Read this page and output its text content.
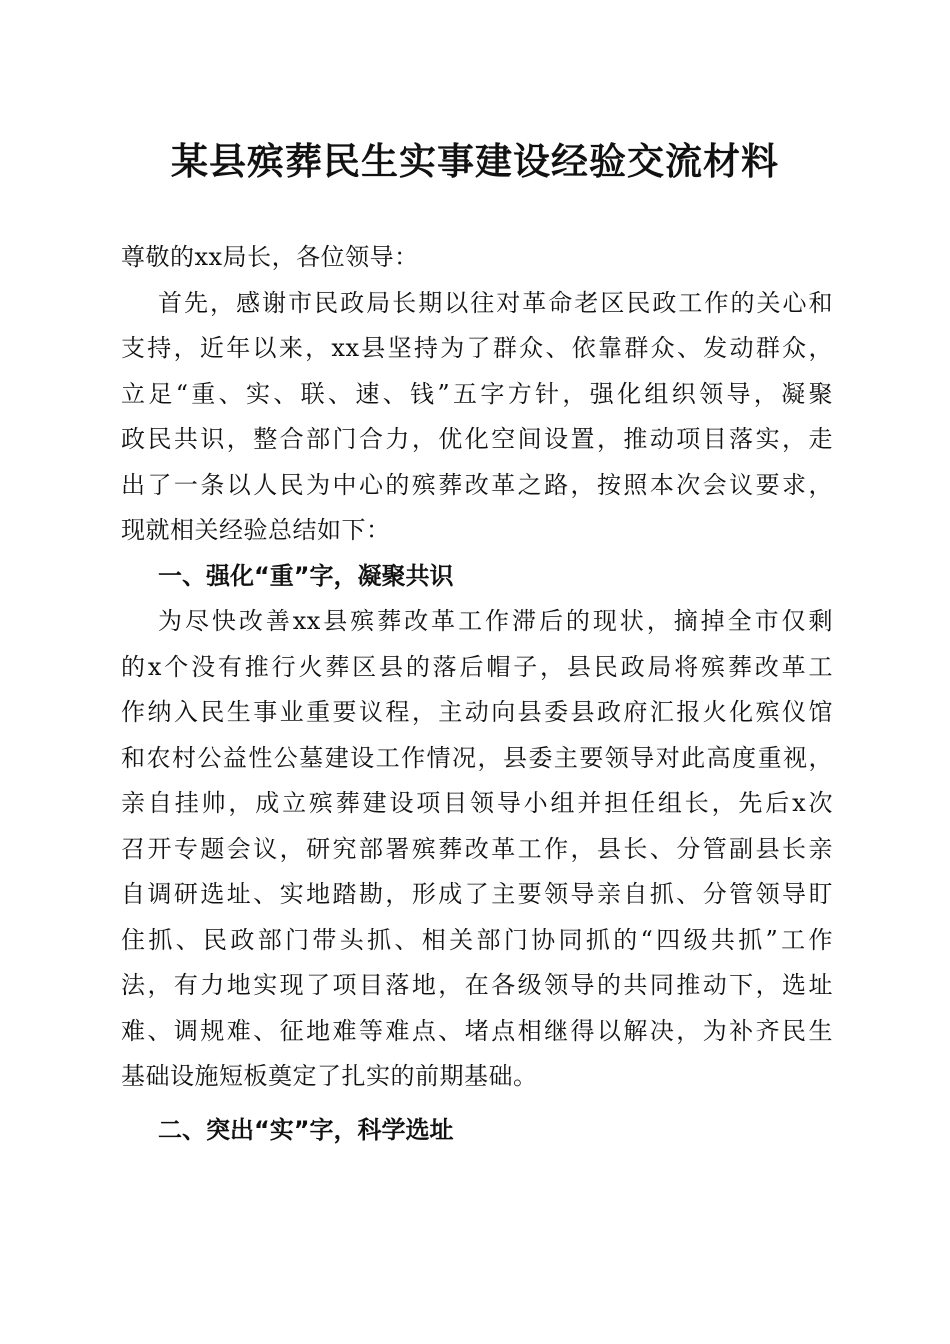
某县殡葬民生实事建设经验交流材料
尊敬的xx局长，各位领导：
首先，感谢市民政局长期以往对革命老区民政工作的关心和
支持，近年以来，xx县坚持为了群众、依靠群众、发动群众，
立足“重、实、联、速、钱”五字方针，强化组织领导，凝聚
政民共识，整合部门合力，优化空间设置，推动项目落实，走
出了一条以人民为中心的殡葬改革之路，按照本次会议要求，
现就相关经验总结如下：
一、强化“重”字，凝聚共识
为尽快改善xx县殡葬改革工作滞后的现状，摘掉全市仅剩
的x个没有推行火葬区县的落后帽子，县民政局将殡葬改革工
作纳入民生事业重要议程，主动向县委县政府汇报火化殡仪馆
和农村公益性公墓建设工作情况，县委主要领导对此高度重视，
亲自挂帅，成立殡葬建设项目领导小组并担任组长，先后x次
召开专题会议，研究部署殡葬改革工作，县长、分管副县长亲
自调研选址、实地踏勘，形成了主要领导亲自抓、分管领导盯
住抓、民政部门带头抓、相关部门协同抓的“四级共抓”工作
法，有力地实现了项目落地，在各级领导的共同推动下，选址
难、调规难、征地难等难点、堵点相继得以解决，为补齐民生
基础设施短板奠定了扎实的前期基础。
二、突出“实”字，科学选址
